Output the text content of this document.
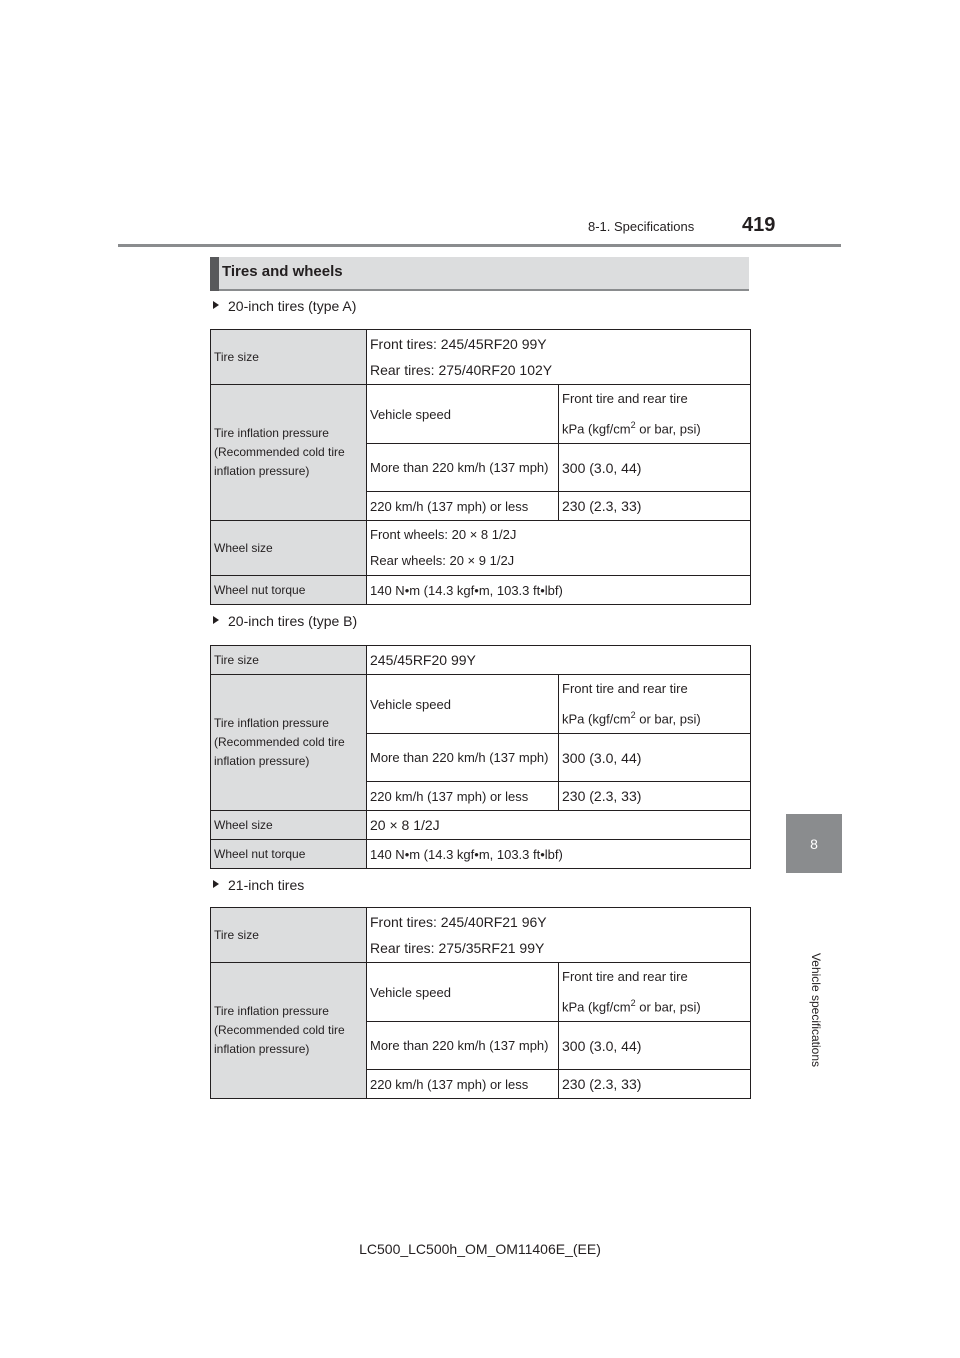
8-1. Specifications 419
8
Vehicle specifications
Tires and wheels
20-inch tires (type A)
Tire size	Front tires: 245/45RF20 99Y
Rear tires: 275/40RF20 102Y	

Tire inflation pressure (Recommended cold tire inflation pressure)	Vehicle speed	Front tire and rear tire
kPa ($kgf/cm^2$ or bar, psi)

	More than 220 km/h (137 mph)	300 (3.0, 44)
	220 km/h (137 mph) or less	230 (2.3, 33)
Wheel size	Front wheels: 20 × 8 1/2J
Rear wheels: 20 × 9 1/2J	

Wheel nut torque	140 N•m (14.3 kgf•m, 103.3 ft•lbf)	
20-inch tires (type B)
Tire size	245/45RF20 99Y	
Tire inflation pressure (Recommended cold tire inflation pressure)	Vehicle speed	Front tire and rear tire
kPa ($kgf/cm^2$ or bar, psi)

	More than 220 km/h (137 mph)	300 (3.0, 44)
	220 km/h (137 mph) or less	230 (2.3, 33)
Wheel size	20 × 8 1/2J	
Wheel nut torque	140 N•m (14.3 kgf•m, 103.3 ft•lbf)	
21-inch tires
Tire size	Front tires: 245/40RF21 96Y
Rear tires: 275/35RF21 99Y	

Tire inflation pressure (Recommended cold tire inflation pressure)	Vehicle speed	Front tire and rear tire
kPa ($kgf/cm^2$ or bar, psi)

	More than 220 km/h (137 mph)	300 (3.0, 44)
	220 km/h (137 mph) or less	230 (2.3, 33)
LC500_LC500h_OM_OM11406E_(EE)
